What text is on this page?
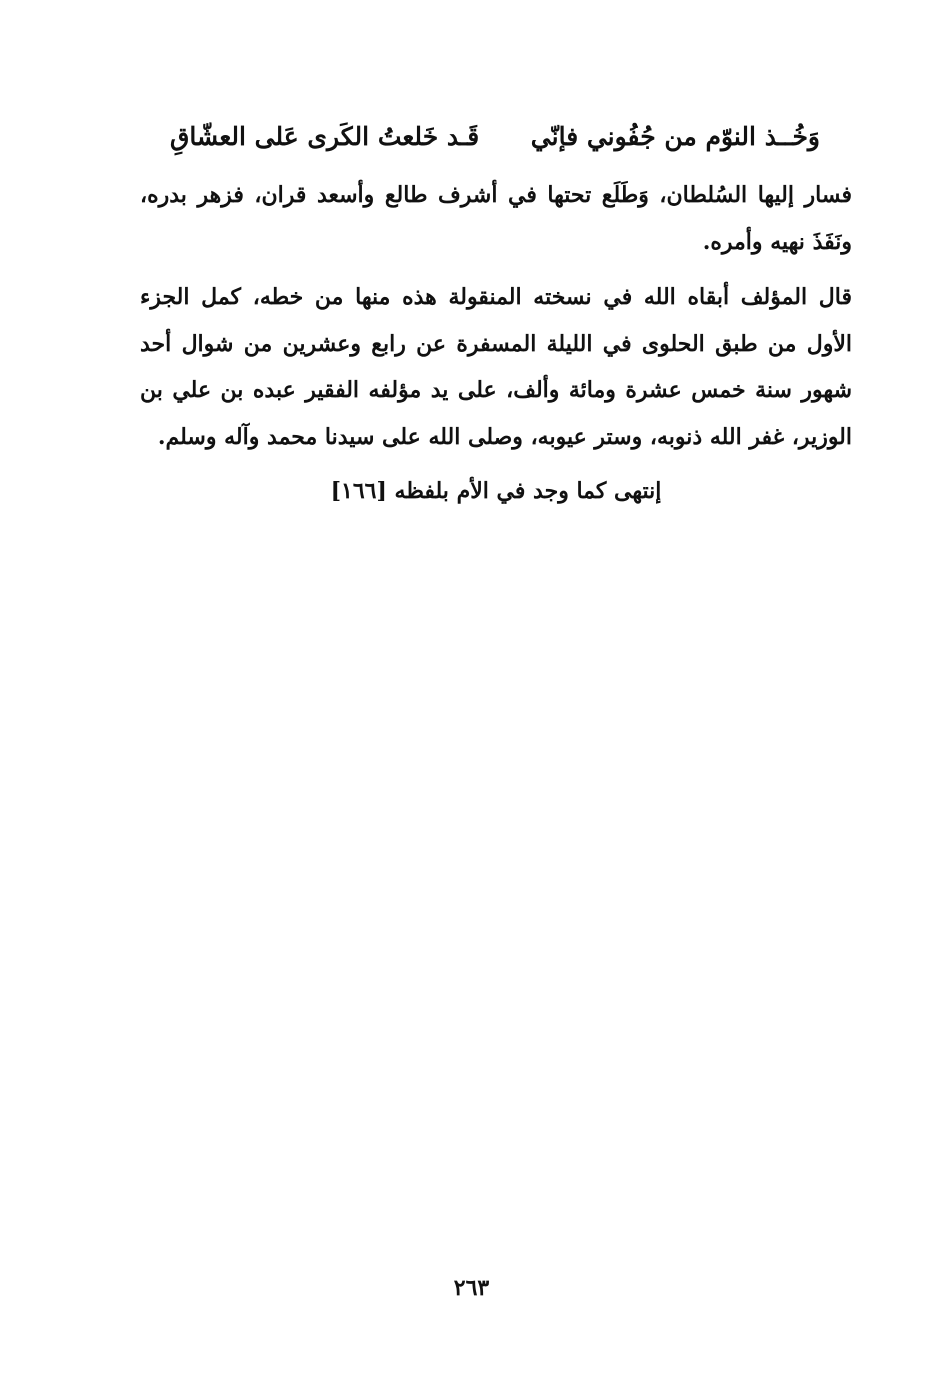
وَخُــذ النوّم من جُفُوني فإنّي
قَـد خَلعتُ الكَرى عَلى العشّاقِ

فسار إليها السُلطان، وَطَلَع تحتها في أشرف طالع وأسعد قران، فزهر بدره، ونَفَذَ نهيه وأمره.

قال المؤلف أبقاه الله في نسخته المنقولة هذه منها من خطه، كمل الجزء الأول من طبق الحلوى في الليلة المسفرة عن رابع وعشرين من شوال أحد شهور سنة خمس عشرة ومائة وألف، على يد مؤلفه الفقير عبده بن علي بن الوزير، غفر الله ذنوبه، وستر عيوبه، وصلى الله على سيدنا محمد وآله وسلم.

إنتهى كما وجد في الأم بلفظه [١٦٦]
٢٦٣
